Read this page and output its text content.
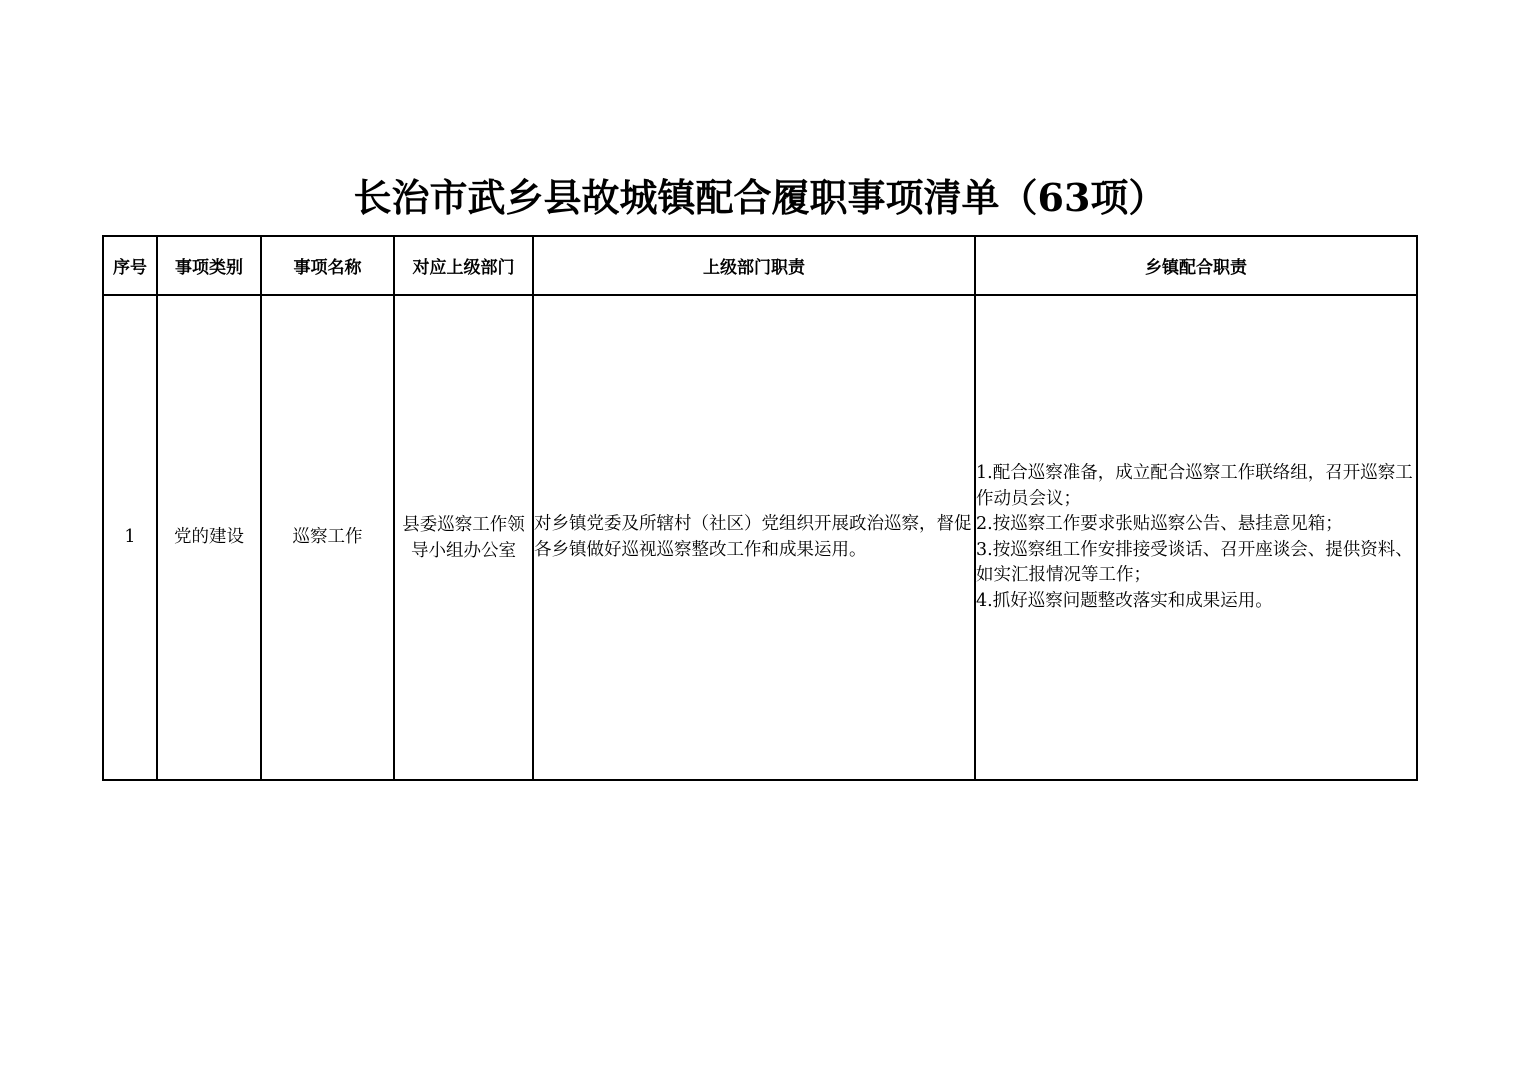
长治市武乡县故城镇配合履职事项清单（63项）
序号	事项类别	事项名称	对应上级部门	上级部门职责	乡镇配合职责
1	党的建设	巡察工作	县委巡察工作领导小组办公室	对乡镇党委及所辖村（社区）党组织开展政治巡察，督促各乡镇做好巡视巡察整改工作和成果运用。	1.配合巡察准备，成立配合巡察工作联络组，召开巡察工作动员会议；
2.按巡察工作要求张贴巡察公告、悬挂意见箱；
3.按巡察组工作安排接受谈话、召开座谈会、提供资料、如实汇报情况等工作；
4.抓好巡察问题整改落实和成果运用。
